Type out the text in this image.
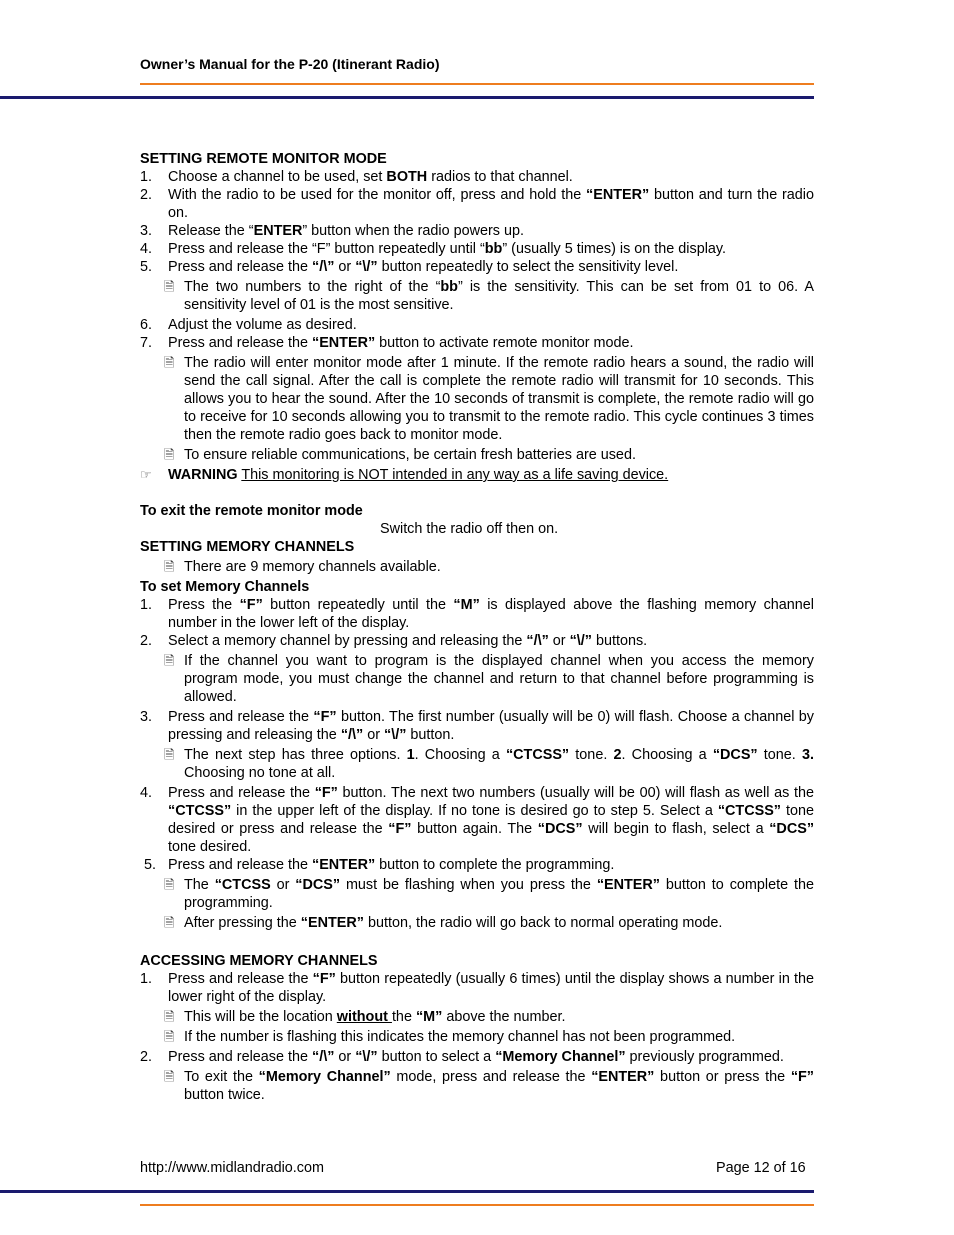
Owner’s Manual for the P-20 (Itinerant Radio)

SETTING REMOTE MONITOR MODE

1. Choose a channel to be used, set BOTH radios to that channel.

2. With the radio to be used for the monitor off, press and hold the “ENTER” button and turn the radio on.

3. Release the “ENTER” button when the radio powers up.

4. Press and release the “F” button repeatedly until “bb” (usually 5 times) is on the display.

5. Press and release the “/\” or “\/” button repeatedly to select the sensitivity level.

🗎 The two numbers to the right of the “bb” is the sensitivity. This can be set from 01 to 06. A sensitivity level of 01 is the most sensitive.

6. Adjust the volume as desired.

7. Press and release the “ENTER” button to activate remote monitor mode.

🗎 The radio will enter monitor mode after 1 minute. If the remote radio hears a sound, the radio will send the call signal. After the call is complete the remote radio will transmit for 10 seconds. This allows you to hear the sound. After the 10 seconds of transmit is complete, the remote radio will go to receive for 10 seconds allowing you to transmit to the remote radio. This cycle continues 3 times then the remote radio goes back to monitor mode.

🗎 To ensure reliable communications, be certain fresh batteries are used.

☞ WARNING This monitoring is NOT intended in any way as a life saving device.

To exit the remote monitor mode

Switch the radio off then on.

SETTING MEMORY CHANNELS

🗎 There are 9 memory channels available.

To set Memory Channels

1. Press the “F” button repeatedly until the “M” is displayed above the flashing memory channel number in the lower left of the display.

2. Select a memory channel by pressing and releasing the “/\” or “\/” buttons.

🗎 If the channel you want to program is the displayed channel when you access the memory program mode, you must change the channel and return to that channel before programming is allowed.

3. Press and release the “F” button. The first number (usually will be 0) will flash. Choose a channel by pressing and releasing the “/\” or “\/” button.

🗎 The next step has three options. 1. Choosing a “CTCSS” tone. 2. Choosing a “DCS” tone. 3. Choosing no tone at all.

4. Press and release the “F” button. The next two numbers (usually will be 00) will flash as well as the “CTCSS” in the upper left of the display. If no tone is desired go to step 5. Select a “CTCSS” tone desired or press and release the “F” button again. The “DCS” will begin to flash, select a “DCS” tone desired.

5. Press and release the “ENTER” button to complete the programming.

🗎 The “CTCSS or “DCS” must be flashing when you press the “ENTER” button to complete the programming.

🗎 After pressing the “ENTER” button, the radio will go back to normal operating mode.

ACCESSING MEMORY CHANNELS

1. Press and release the “F” button repeatedly (usually 6 times) until the display shows a number in the lower right of the display.

🗎 This will be the location without the “M” above the number.

🗎 If the number is flashing this indicates the memory channel has not been programmed.

2. Press and release the “/\” or “\/” button to select a “Memory Channel” previously programmed.

🗎 To exit the “Memory Channel” mode, press and release the “ENTER” button or press the “F” button twice.

http://www.midlandradio.com	Page 12 of 16
